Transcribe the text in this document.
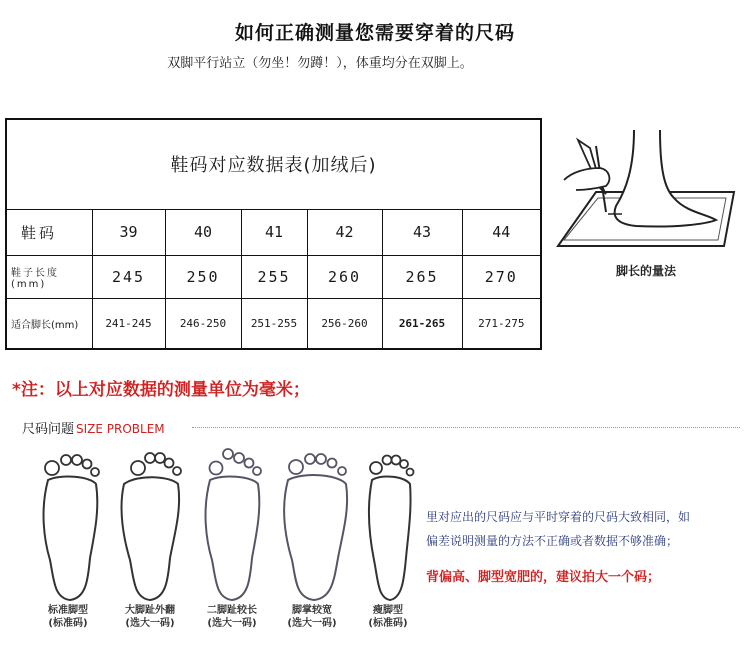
如何正确测量您需要穿着的尺码
双脚平行站立（勿坐！勿蹲！），体重均分在双脚上。
鞋码对应数据表(加绒后)						
鞋码	39	40	41	42	43	44
鞋子长度(mm)	245	250	255	260	265	270
适合脚长(mm)	241-245	246-250	251-255	256-260	261-265	271-275
脚长的量法
*注：以上对应数据的测量单位为毫米；
尺码问题 SIZE PROBLEM
标准脚型
(标准码)
大脚趾外翻
(选大一码)
二脚趾较长
(选大一码)
脚掌较宽
(选大一码)
瘦脚型
(标准码)
里对应出的尺码应与平时穿着的尺码大致相同，如
偏差说明测量的方法不正确或者数据不够准确；
背偏高、脚型宽肥的，建议拍大一个码；
